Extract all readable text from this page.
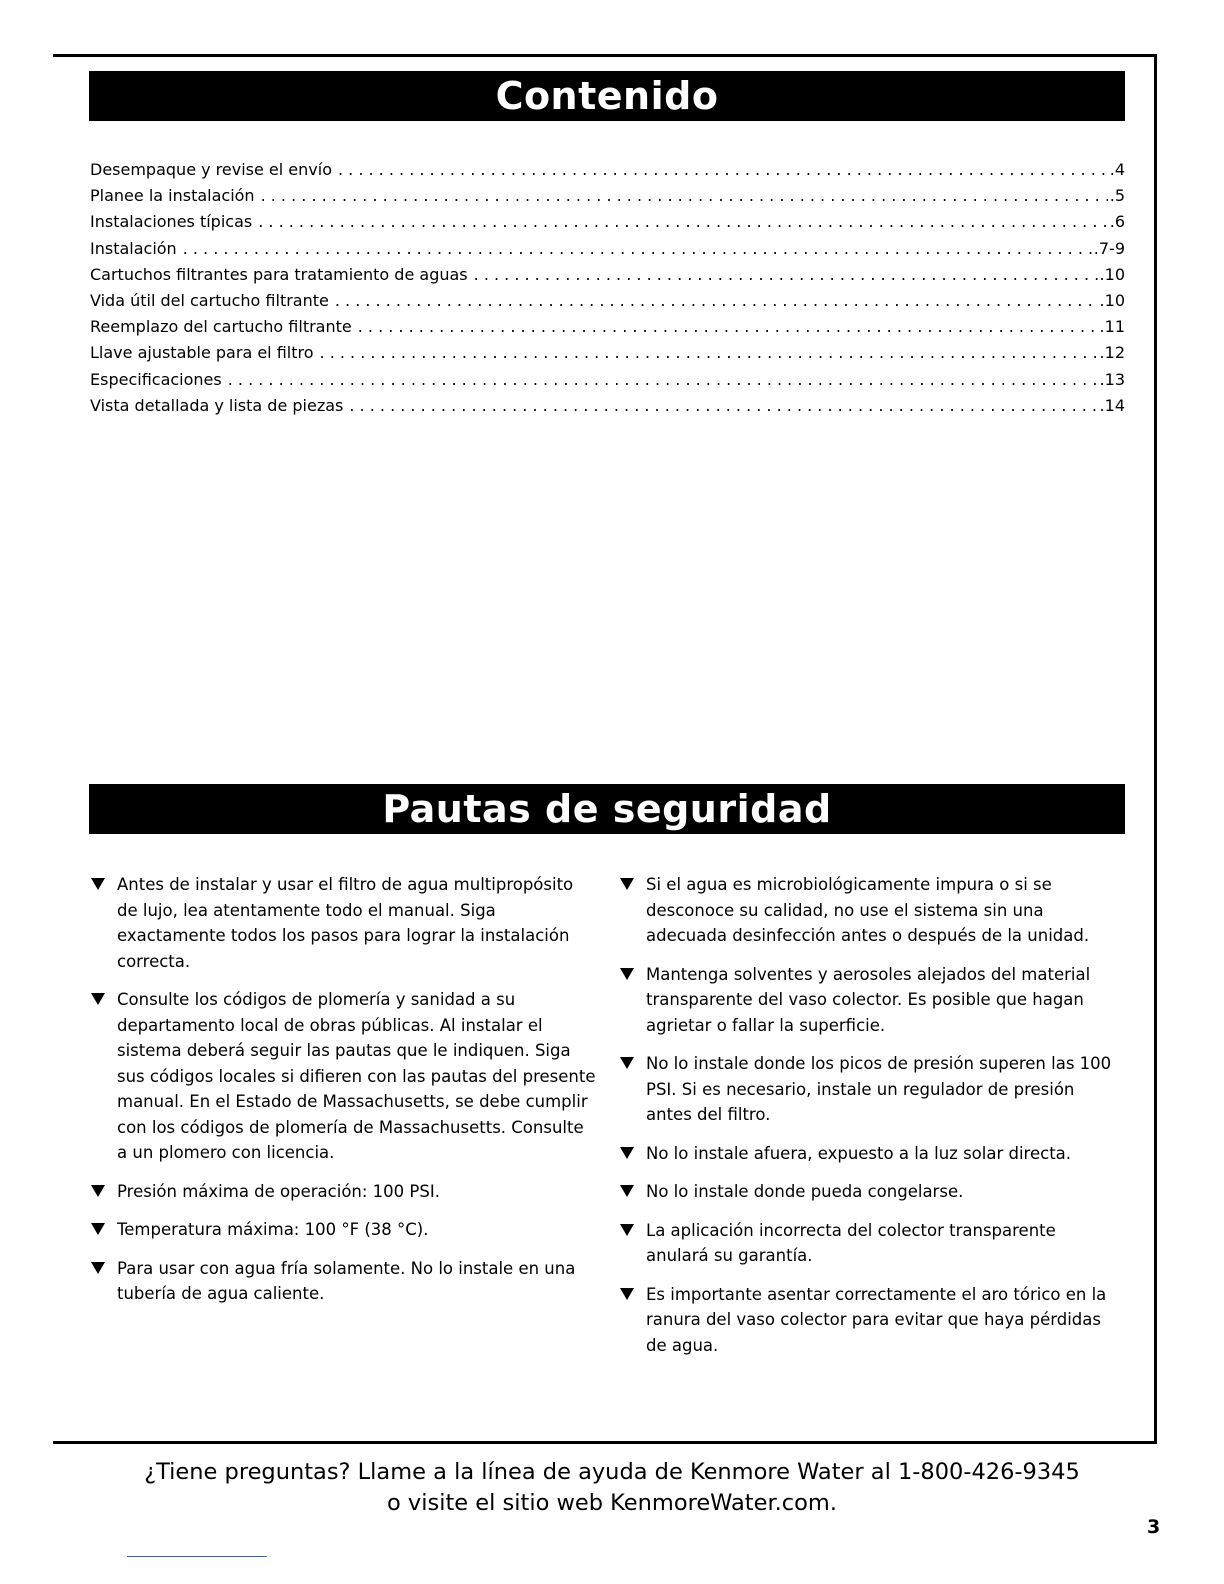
Contenido
Desempaque y revise el envío . . .	.4
Planee la instalación . . .	.5
Instalaciones típicas . . .	.6
Instalación . . .	.7-9
Cartuchos filtrantes para tratamiento de aguas . . .	.10
Vida útil del cartucho filtrante . . .	.10
Reemplazo del cartucho filtrante . . .	.11
Llave ajustable para el filtro . . .	.12
Especificaciones . . .	.13
Vista detallada y lista de piezas . . .	.14
Pautas de seguridad
Antes de instalar y usar el filtro de agua multipropósito de lujo, lea atentamente todo el manual. Siga exactamente todos los pasos para lograr la instalación correcta.
Consulte los códigos de plomería y sanidad a su departamento local de obras públicas. Al instalar el sistema deberá seguir las pautas que le indiquen. Siga sus códigos locales si difieren con las pautas del presente manual. En el Estado de Massachusetts, se debe cumplir con los códigos de plomería de Massachusetts. Consulte a un plomero con licencia.
Presión máxima de operación: 100 PSI.
Temperatura máxima: 100 °F (38 °C).
Para usar con agua fría solamente. No lo instale en una tubería de agua caliente.
Si el agua es microbiológicamente impura o si se desconoce su calidad, no use el sistema sin una adecuada desinfección antes o después de la unidad.
Mantenga solventes y aerosoles alejados del material transparente del vaso colector. Es posible que hagan agrietar o fallar la superficie.
No lo instale donde los picos de presión superen las 100 PSI. Si es necesario, instale un regulador de presión antes del filtro.
No lo instale afuera, expuesto a la luz solar directa.
No lo instale donde pueda congelarse.
La aplicación incorrecta del colector transparente anulará su garantía.
Es importante asentar correctamente el aro tórico en la ranura del vaso colector para evitar que haya pérdidas de agua.
¿Tiene preguntas? Llame a la línea de ayuda de Kenmore Water al 1-800-426-9345
o visite el sitio web KenmoreWater.com.
3
